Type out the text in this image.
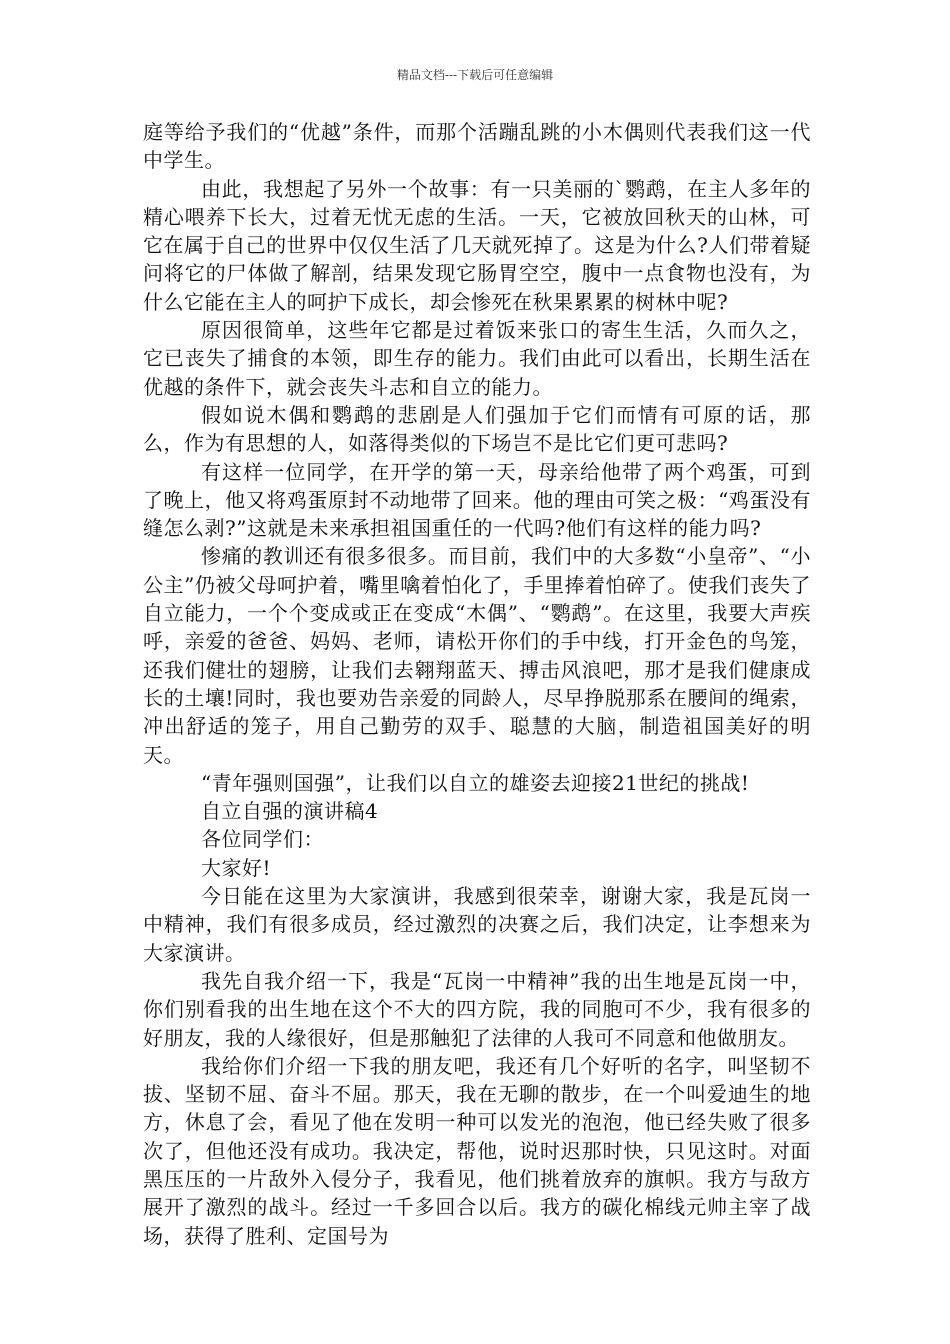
精品文档---下载后可任意编辑

庭等给予我们的“优越”条件，而那个活蹦乱跳的小木偶则代表我们这一代中学生。

由此，我想起了另外一个故事：有一只美丽的`鹦鹉，在主人多年的精心喂养下长大，过着无忧无虑的生活。一天，它被放回秋天的山林，可它在属于自己的世界中仅仅生活了几天就死掉了。这是为什么?人们带着疑问将它的尸体做了解剖，结果发现它肠胃空空，腹中一点食物也没有，为什么它能在主人的呵护下成长，却会惨死在秋果累累的树林中呢?

原因很简单，这些年它都是过着饭来张口的寄生生活，久而久之，它已丧失了捕食的本领，即生存的能力。我们由此可以看出，长期生活在优越的条件下，就会丧失斗志和自立的能力。

假如说木偶和鹦鹉的悲剧是人们强加于它们而情有可原的话，那么，作为有思想的人，如落得类似的下场岂不是比它们更可悲吗?

有这样一位同学，在开学的第一天，母亲给他带了两个鸡蛋，可到了晚上，他又将鸡蛋原封不动地带了回来。他的理由可笑之极：“鸡蛋没有缝怎么剥?”这就是未来承担祖国重任的一代吗?他们有这样的能力吗?

惨痛的教训还有很多很多。而目前，我们中的大多数“小皇帝”、“小公主”仍被父母呵护着，嘴里噙着怕化了，手里捧着怕碎了。使我们丧失了自立能力，一个个变成或正在变成“木偶”、“鹦鹉”。在这里，我要大声疾呼，亲爱的爸爸、妈妈、老师，请松开你们的手中线，打开金色的鸟笼，还我们健壮的翅膀，让我们去翱翔蓝天、搏击风浪吧，那才是我们健康成长的土壤!同时，我也要劝告亲爱的同龄人，尽早挣脱那系在腰间的绳索，冲出舒适的笼子，用自己勤劳的双手、聪慧的大脑，制造祖国美好的明天。

“青年强则国强”，让我们以自立的雄姿去迎接21世纪的挑战!

自立自强的演讲稿4

各位同学们：

大家好!

今日能在这里为大家演讲，我感到很荣幸，谢谢大家，我是瓦岗一中精神，我们有很多成员，经过激烈的决赛之后，我们决定，让李想来为大家演讲。

我先自我介绍一下，我是“瓦岗一中精神”我的出生地是瓦岗一中，你们别看我的出生地在这个不大的四方院，我的同胞可不少，我有很多的好朋友，我的人缘很好，但是那触犯了法律的人我可不同意和他做朋友。

我给你们介绍一下我的朋友吧，我还有几个好听的名字，叫坚韧不拔、坚韧不屈、奋斗不屈。那天，我在无聊的散步，在一个叫爱迪生的地方，休息了会，看见了他在发明一种可以发光的泡泡，他已经失败了很多次了，但他还没有成功。我决定，帮他，说时迟那时快，只见这时。对面黑压压的一片敌外入侵分子，我看见，他们挑着放弃的旗帜。我方与敌方展开了激烈的战斗。经过一千多回合以后。我方的碳化棉线元帅主宰了战场，获得了胜利、定国号为
